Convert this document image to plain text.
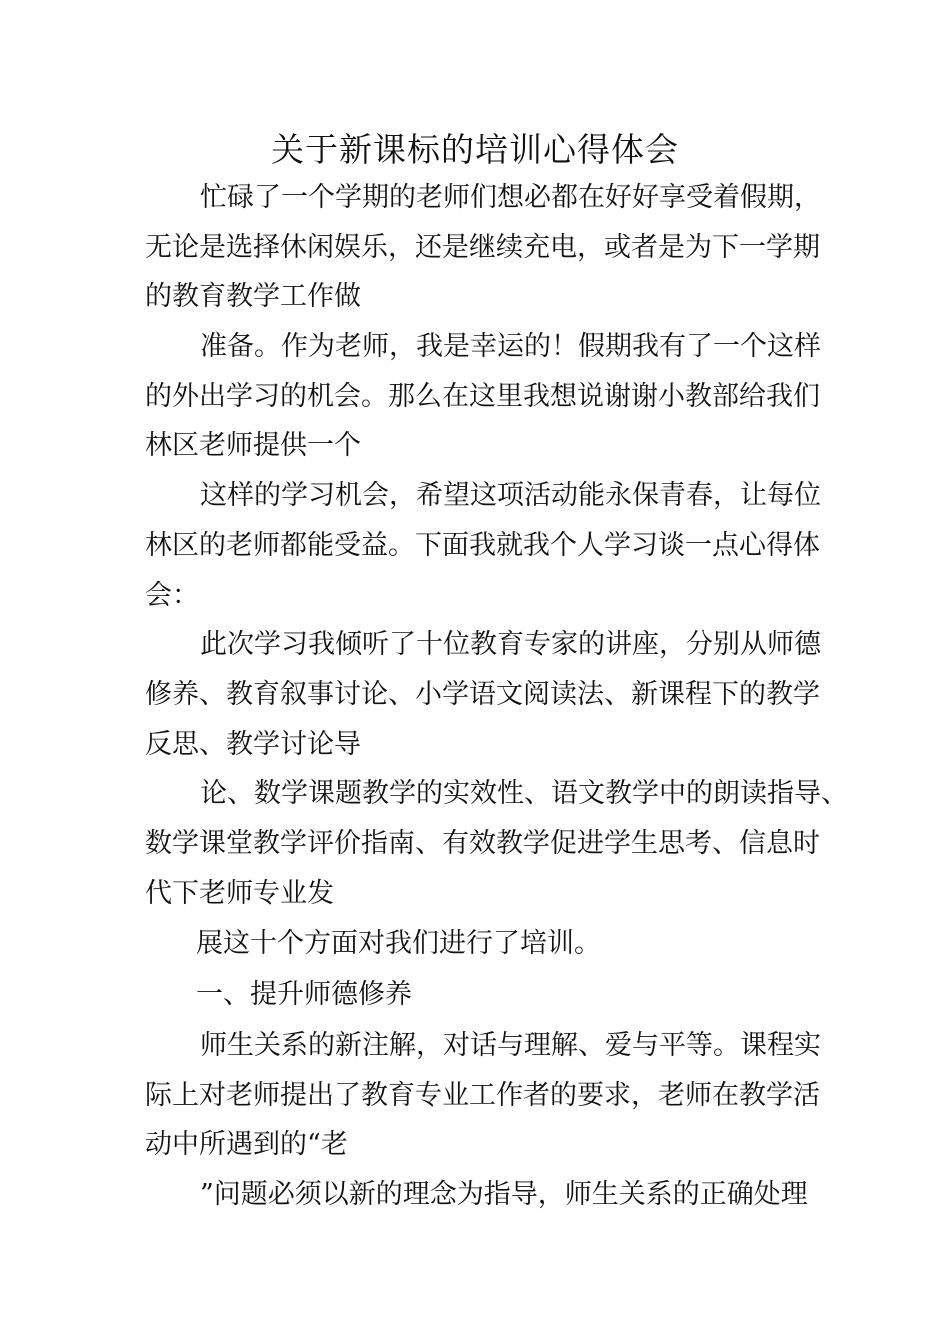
关于新课标的培训心得体会

忙碌了一个学期的老师们想必都在好好享受着假期，

无论是选择休闲娱乐，还是继续充电，或者是为下一学期

的教育教学工作做

准备。作为老师，我是幸运的！假期我有了一个这样

的外出学习的机会。那么在这里我想说谢谢小教部给我们

林区老师提供一个

这样的学习机会，希望这项活动能永保青春，让每位

林区的老师都能受益。下面我就我个人学习谈一点心得体

会：

此次学习我倾听了十位教育专家的讲座，分别从师德

修养、教育叙事讨论、小学语文阅读法、新课程下的教学

反思、教学讨论导

论、数学课题教学的实效性、语文教学中的朗读指导、

数学课堂教学评价指南、有效教学促进学生思考、信息时

代下老师专业发

展这十个方面对我们进行了培训。

一、提升师德修养

师生关系的新注解，对话与理解、爱与平等。课程实

际上对老师提出了教育专业工作者的要求，老师在教学活

动中所遇到的“老

”问题必须以新的理念为指导，师生关系的正确处理
